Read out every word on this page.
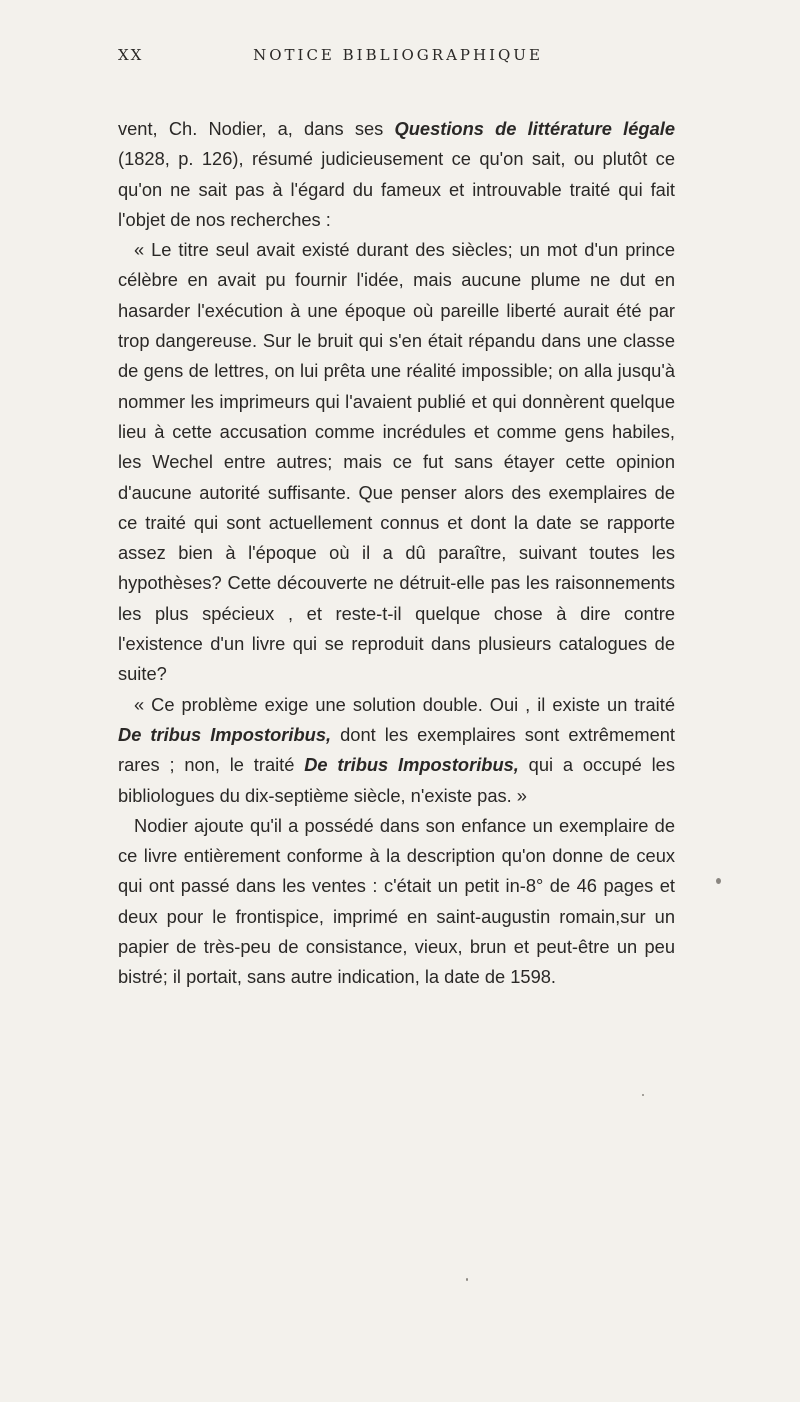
XX	NOTICE BIBLIOGRAPHIQUE

vent, Ch. Nodier, a, dans ses Questions de littérature légale (1828, p. 126), résumé judicieusement ce qu'on sait, ou plutôt ce qu'on ne sait pas à l'égard du fameux et introuvable traité qui fait l'objet de nos recherches :

« Le titre seul avait existé durant des siècles; un mot d'un prince célèbre en avait pu fournir l'idée, mais aucune plume ne dut en hasarder l'exécution à une époque où pareille liberté aurait été par trop dangereuse. Sur le bruit qui s'en était répandu dans une classe de gens de lettres, on lui prêta une réalité impossible; on alla jusqu'à nommer les imprimeurs qui l'avaient publié et qui donnèrent quelque lieu à cette accusation comme incrédules et comme gens habiles, les Wechel entre autres; mais ce fut sans étayer cette opinion d'aucune autorité suffisante. Que penser alors des exemplaires de ce traité qui sont actuellement connus et dont la date se rapporte assez bien à l'époque où il a dû paraître, suivant toutes les hypothèses? Cette découverte ne détruit-elle pas les raisonnements les plus spécieux , et reste-t-il quelque chose à dire contre l'existence d'un livre qui se reproduit dans plusieurs catalogues de suite?

« Ce problème exige une solution double. Oui , il existe un traité De tribus Impostoribus, dont les exemplaires sont extrêmement rares ; non, le traité De tribus Impostoribus, qui a occupé les bibliologues du dix-septième siècle, n'existe pas. »

Nodier ajoute qu'il a possédé dans son enfance un exemplaire de ce livre entièrement conforme à la description qu'on donne de ceux qui ont passé dans les ventes : c'était un petit in-8° de 46 pages et deux pour le frontispice, imprimé en saint-augustin romain,sur un papier de très-peu de consistance, vieux, brun et peut-être un peu bistré; il portait, sans autre indication, la date de 1598.
